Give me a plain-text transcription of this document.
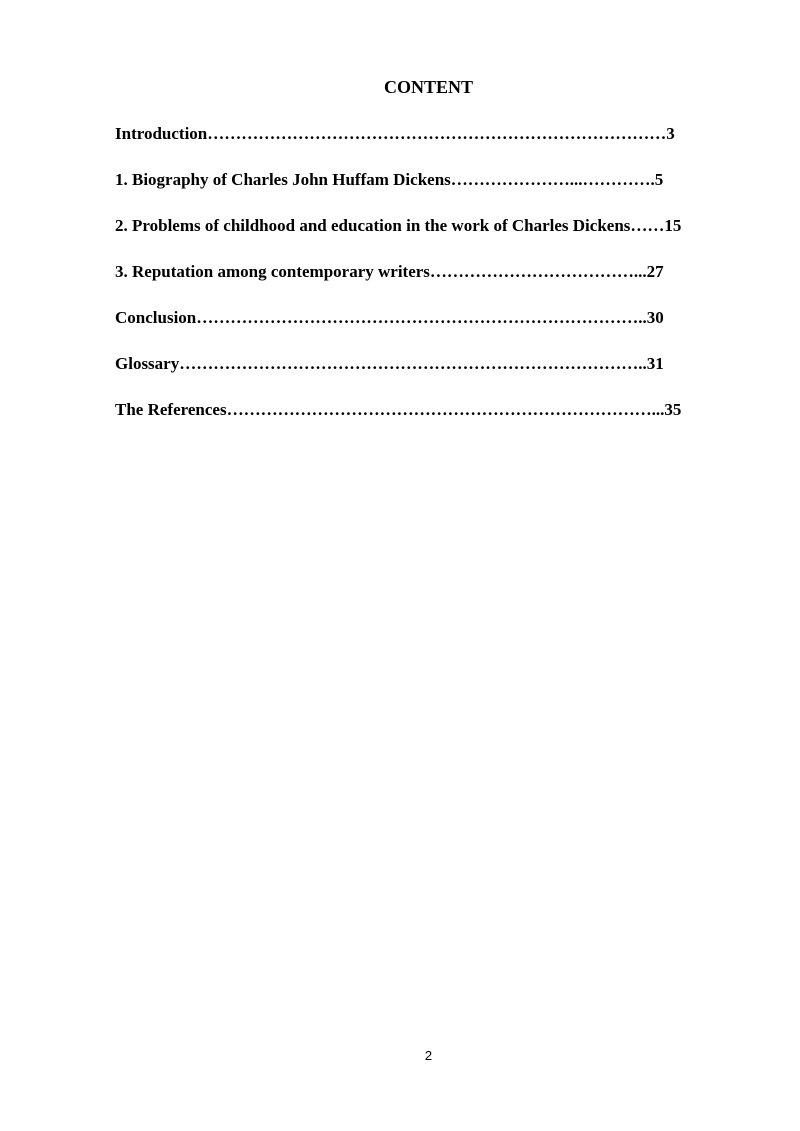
CONTENT
Introduction………………………………………………………………………3
1. Biography of Charles John Huffam Dickens…………………...………….5
2. Problems of childhood and education in the work of Charles Dickens……15
3. Reputation among contemporary writers………………………………...27
Conclusion……………………………………………………………………..30
Glossary………………………………………………………………………..31
The References…………………………………………………………………...35

2
